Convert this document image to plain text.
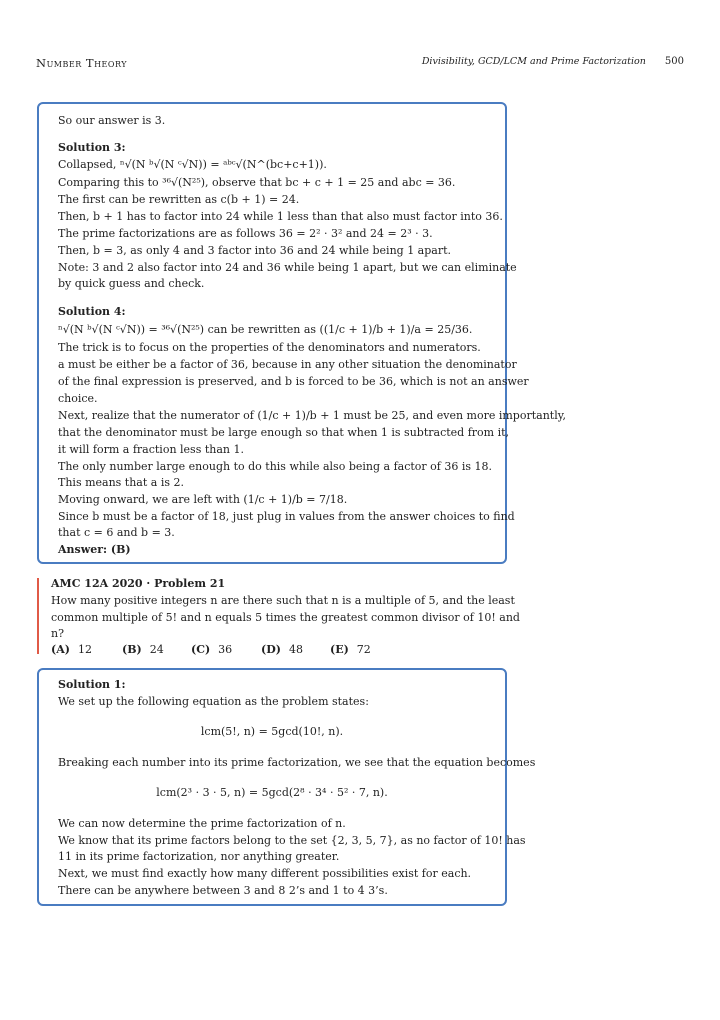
Number Theory	Divisibility, GCD/LCM and Prime Factorization 500
So our answer is 3.
Solution 3:
Collapsed, ⁿ√(N ᵇ√(N ᶜ√N)) = ᵃᵇᶜ√(N^(bc+c+1)).
Comparing this to ³⁶√(N²⁵), observe that bc + c + 1 = 25 and abc = 36.
The first can be rewritten as c(b + 1) = 24.
Then, b + 1 has to factor into 24 while 1 less than that also must factor into 36.
The prime factorizations are as follows 36 = 2² · 3² and 24 = 2³ · 3.
Then, b = 3, as only 4 and 3 factor into 36 and 24 while being 1 apart.
Note: 3 and 2 also factor into 24 and 36 while being 1 apart, but we can eliminate
by quick guess and check.
Solution 4:
ⁿ√(N ᵇ√(N ᶜ√N)) = ³⁶√(N²⁵) can be rewritten as ((1/c + 1)/b + 1)/a = 25/36.
The trick is to focus on the properties of the denominators and numerators.
a must be either be a factor of 36, because in any other situation the denominator
of the final expression is preserved, and b is forced to be 36, which is not an answer
choice.
Next, realize that the numerator of (1/c + 1)/b + 1 must be 25, and even more importantly,
that the denominator must be large enough so that when 1 is subtracted from it,
it will form a fraction less than 1.
The only number large enough to do this while also being a factor of 36 is 18.
This means that a is 2.
Moving onward, we are left with (1/c + 1)/b = 7/18.
Since b must be a factor of 18, just plug in values from the answer choices to find
that c = 6 and b = 3.
Answer: (B)
AMC 12A 2020 · Problem 21
How many positive integers n are there such that n is a multiple of 5, and the least
common multiple of 5! and n equals 5 times the greatest common divisor of 10! and
n?
(A) 12	(B) 24 (C) 36	(D) 48 (E) 72
Solution 1:
We set up the following equation as the problem states:
lcm(5!, n) = 5gcd(10!, n).
Breaking each number into its prime factorization, we see that the equation becomes
lcm(2³ · 3 · 5, n) = 5gcd(2⁸ · 3⁴ · 5² · 7, n).
We can now determine the prime factorization of n.
We know that its prime factors belong to the set {2, 3, 5, 7}, as no factor of 10! has
11 in its prime factorization, nor anything greater.
Next, we must find exactly how many different possibilities exist for each.
There can be anywhere between 3 and 8 2’s and 1 to 4 3’s.
